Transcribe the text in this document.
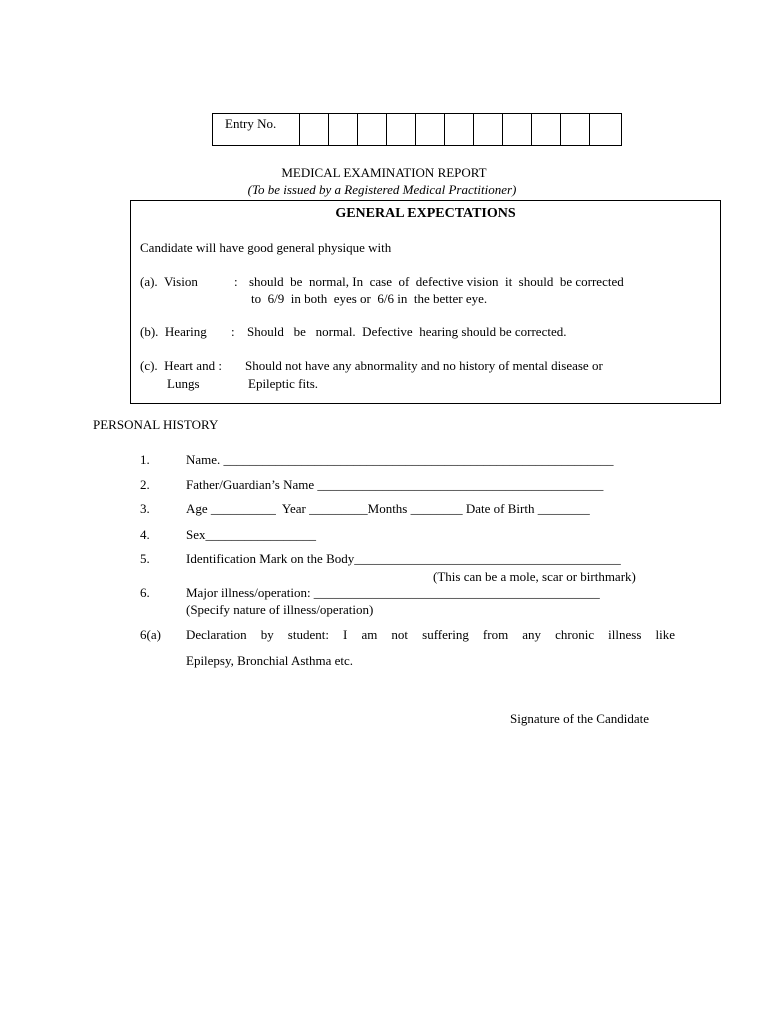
Entry No.
MEDICAL EXAMINATION REPORT
(To be issued by a Registered Medical Practitioner)
GENERAL EXPECTATIONS
Candidate will have good general physique with
(a).  Vision	: should  be  normal, In  case  of  defective vision  it  should  be corrected
to  6/9  in both  eyes or  6/6 in  the better eye.
(b).  Hearing : Should   be   normal.  Defective  hearing should be corrected.
(c).  Heart and : Should not have any abnormality and no history of mental disease or
Lungs	Epileptic fits.
PERSONAL HISTORY
1.	Name. ____________________________________________________________
2.	Father/Guardian’s Name ____________________________________________
3.	Age __________  Year _________Months ________ Date of Birth ________
4.	Sex_________________
5.	Identification Mark on the Body_________________________________________
(This can be a mole, scar or birthmark)
6.	Major illness/operation: ____________________________________________
(Specify nature of illness/operation)
6(a) Declaration by student: I am not suffering from any chronic illness like
Epilepsy, Bronchial Asthma etc.
Signature of the Candidate
